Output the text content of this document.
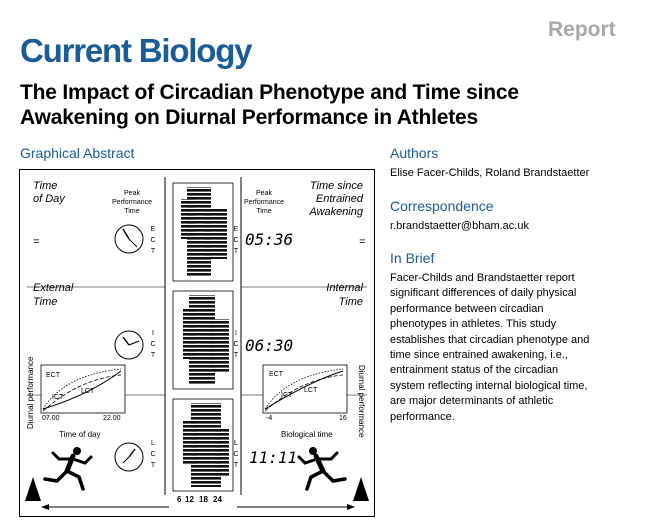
Report
Current Biology
The Impact of Circadian Phenotype and Time since Awakening on Diurnal Performance in Athletes
Graphical Abstract
6 12 18 24
Time
of Day
=
External
Time
Time since
Entrained
Awakening
=
Internal
Time
Peak
Performance
Time
Peak
Performance
Time
E
C
T
E
C
T
I
C
T
I
C
T
L
C
T
L
C
T
05:36
06:30
11:11
Diurnal performance ECT
ICT
LCT
07.00	22.00
Time of day
ECT
ICT
LCT
-4	16
Biological time	Diurnal performance
Authors
Elise Facer-Childs, Roland Brandstaetter
Correspondence
r.brandstaetter@bham.ac.uk
In Brief
Facer-Childs and Brandstaetter report
significant differences of daily physical
performance between circadian
phenotypes in athletes. This study
establishes that circadian phenotype and
time since entrained awakening, i.e.,
entrainment status of the circadian
system reflecting internal biological time,
are major determinants of athletic
performance.
